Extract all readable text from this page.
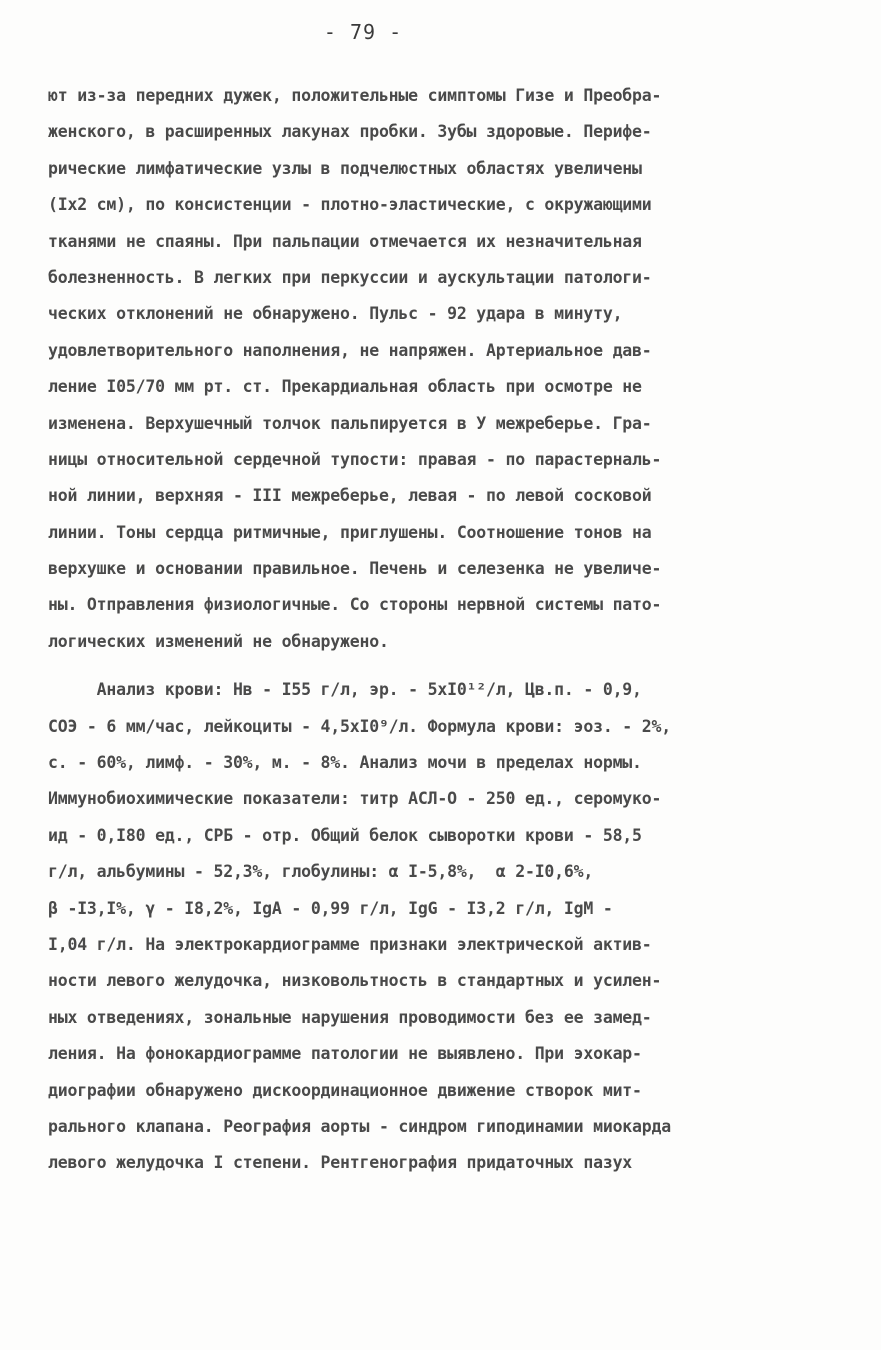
- 79 -
ют из-за передних дужек, положительные симптомы Гизе и Преобра-
женского, в расширенных лакунах пробки. Зубы здоровые. Перифе-
рические лимфатические узлы в подчелюстных областях увеличены
(Iх2 см), по консистенции - плотно-эластические, с окружающими
тканями не спаяны. При пальпации отмечается их незначительная
болезненность. В легких при перкуссии и аускультации патологи-
ческих отклонений не обнаружено. Пульс - 92 удара в минуту,
удовлетворительного наполнения, не напряжен. Артериальное дав-
ление I05/70 мм рт. ст. Прекардиальная область при осмотре не
изменена. Верхушечный толчок пальпируется в У межреберье. Гра-
ницы относительной сердечной тупости: правая - по парастерналь-
ной линии, верхняя - III межреберье, левая - по левой сосковой
линии. Тоны сердца ритмичные, приглушены. Соотношение тонов на
верхушке и основании правильное. Печень и селезенка не увеличе-
ны. Отправления физиологичные. Со стороны нервной системы пато-
логических изменений не обнаружено.
Анализ крови: Нв - I55 г/л, эр. - 5хI0¹²/л, Цв.п. - 0,9,
СОЭ - 6 мм/час, лейкоциты - 4,5хI0⁹/л. Формула крови: эоз. - 2%,
с. - 60%, лимф. - 30%, м. - 8%. Анализ мочи в пределах нормы.
Иммунобиохимические показатели: титр АСЛ-О - 250 ед., серомуко-
ид - 0,I80 ед., СРБ - отр. Общий белок сыворотки крови - 58,5
г/л, альбумины - 52,3%, глобулины: α I-5,8%,  α 2-I0,6%,
β -I3,I%, γ - I8,2%, IgA - 0,99 г/л, IgG - I3,2 г/л, IgM -
I,04 г/л. На электрокардиограмме признаки электрической актив-
ности левого желудочка, низковольтность в стандартных и усилен-
ных отведениях, зональные нарушения проводимости без ее замед-
ления. На фонокардиограмме патологии не выявлено. При эхокар-
диографии обнаружено дискоординационное движение створок мит-
рального клапана. Реография аорты - синдром гиподинамии миокарда
левого желудочка I степени. Рентгенография придаточных пазух
